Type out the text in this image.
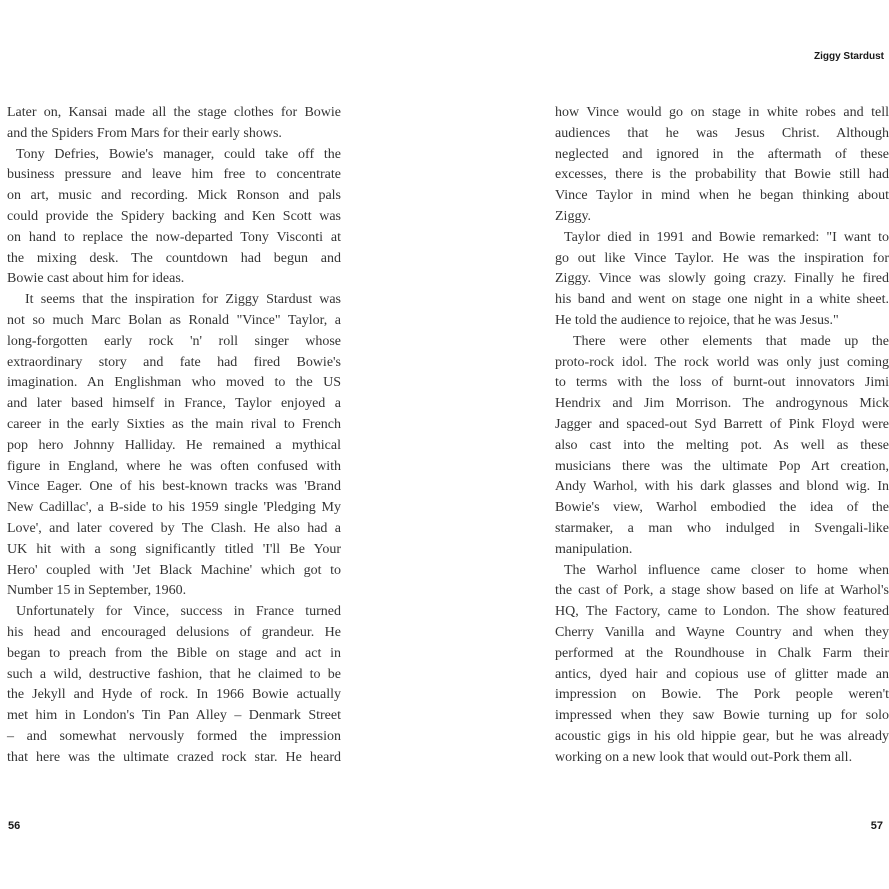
Later on, Kansai made all the stage clothes for Bowie
and the Spiders From Mars for their early shows.
Tony Defries, Bowie's manager, could take off the
business pressure and leave him free to concentrate
on art, music and recording. Mick Ronson and pals
could provide the Spidery backing and Ken Scott was
on hand to replace the now-departed Tony Visconti at
the mixing desk. The countdown had begun and
Bowie cast about him for ideas.
It seems that the inspiration for Ziggy Stardust was
not so much Marc Bolan as Ronald "Vince" Taylor, a
long-forgotten early rock 'n' roll singer whose
extraordinary story and fate had fired Bowie's
imagination. An Englishman who moved to the US
and later based himself in France, Taylor enjoyed a
career in the early Sixties as the main rival to French
pop hero Johnny Halliday. He remained a mythical
figure in England, where he was often confused with
Vince Eager. One of his best-known tracks was 'Brand
New Cadillac', a B-side to his 1959 single 'Pledging My
Love', and later covered by The Clash. He also had a
UK hit with a song significantly titled 'I'll Be Your
Hero' coupled with 'Jet Black Machine' which got to
Number 15 in September, 1960.
Unfortunately for Vince, success in France turned
his head and encouraged delusions of grandeur. He
began to preach from the Bible on stage and act in
such a wild, destructive fashion, that he claimed to be
the Jekyll and Hyde of rock. In 1966 Bowie actually
met him in London's Tin Pan Alley – Denmark Street
– and somewhat nervously formed the impression
that here was the ultimate crazed rock star. He heard
56
Ziggy Stardust
how Vince would go on stage in white robes and tell
audiences that he was Jesus Christ. Although
neglected and ignored in the aftermath of these
excesses, there is the probability that Bowie still had
Vince Taylor in mind when he began thinking about
Ziggy.
Taylor died in 1991 and Bowie remarked: "I want to
go out like Vince Taylor. He was the inspiration for
Ziggy. Vince was slowly going crazy. Finally he fired
his band and went on stage one night in a white sheet.
He told the audience to rejoice, that he was Jesus."
There were other elements that made up the
proto-rock idol. The rock world was only just coming
to terms with the loss of burnt-out innovators Jimi
Hendrix and Jim Morrison. The androgynous Mick
Jagger and spaced-out Syd Barrett of Pink Floyd were
also cast into the melting pot. As well as these
musicians there was the ultimate Pop Art creation,
Andy Warhol, with his dark glasses and blond wig. In
Bowie's view, Warhol embodied the idea of the
starmaker, a man who indulged in Svengali-like
manipulation.
The Warhol influence came closer to home when
the cast of Pork, a stage show based on life at Warhol's
HQ, The Factory, came to London. The show featured
Cherry Vanilla and Wayne Country and when they
performed at the Roundhouse in Chalk Farm their
antics, dyed hair and copious use of glitter made an
impression on Bowie. The Pork people weren't
impressed when they saw Bowie turning up for solo
acoustic gigs in his old hippie gear, but he was already
working on a new look that would out-Pork them all.
57
